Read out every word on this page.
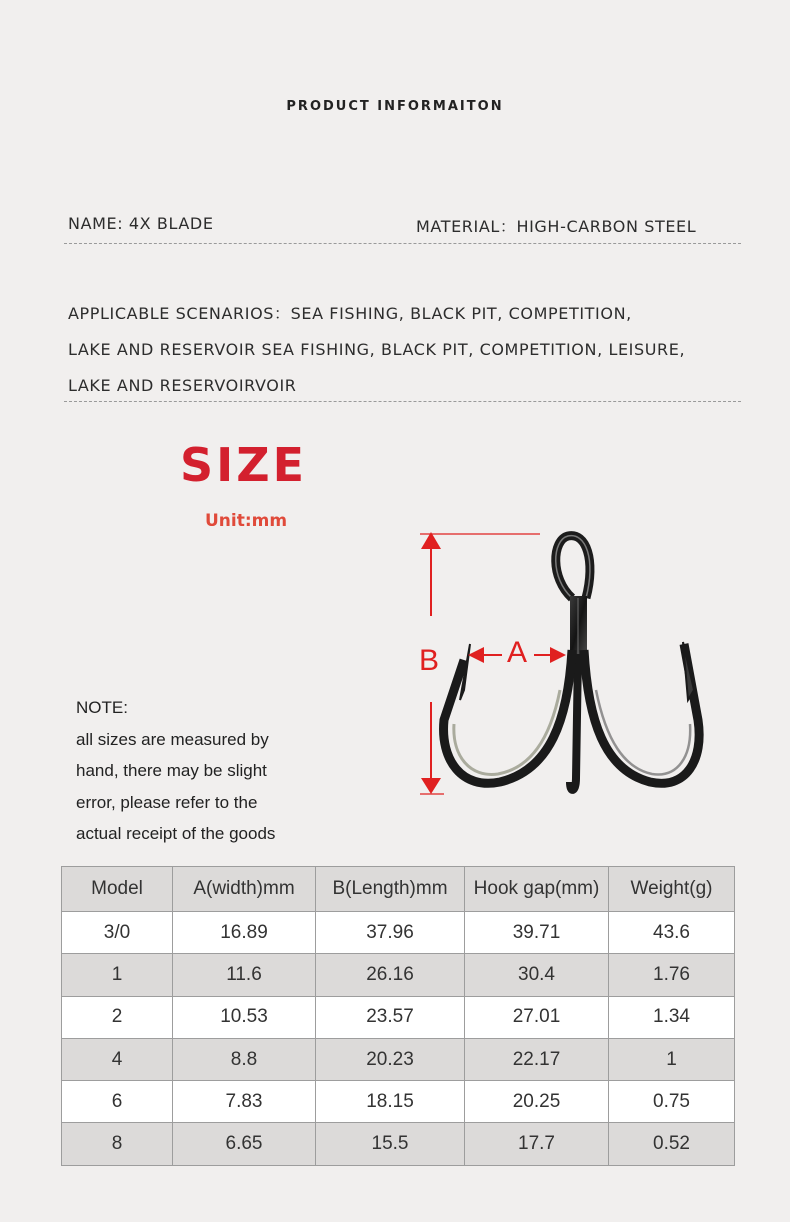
PRODUCT INFORMAITON
NAME: 4X BLADE	MATERIAL：HIGH-CARBON STEEL
APPLICABLE SCENARIOS：SEA FISHING, BLACK PIT, COMPETITION,
LAKE AND RESERVOIR SEA FISHING, BLACK PIT, COMPETITION, LEISURE,
LAKE AND RESERVOIRVOIR
SIZE
Unit:mm
B A
NOTE:
all sizes are measured by
hand, there may be slight
error, please refer to the
actual receipt of the goods
Model	A(width)mm	B(Length)mm	Hook gap(mm)	Weight(g)
3/0	16.89	37.96	39.71	43.6
1	11.6	26.16	30.4	1.76
2	10.53	23.57	27.01	1.34
4	8.8	20.23	22.17	1
6	7.83	18.15	20.25	0.75
8	6.65	15.5	17.7	0.52
